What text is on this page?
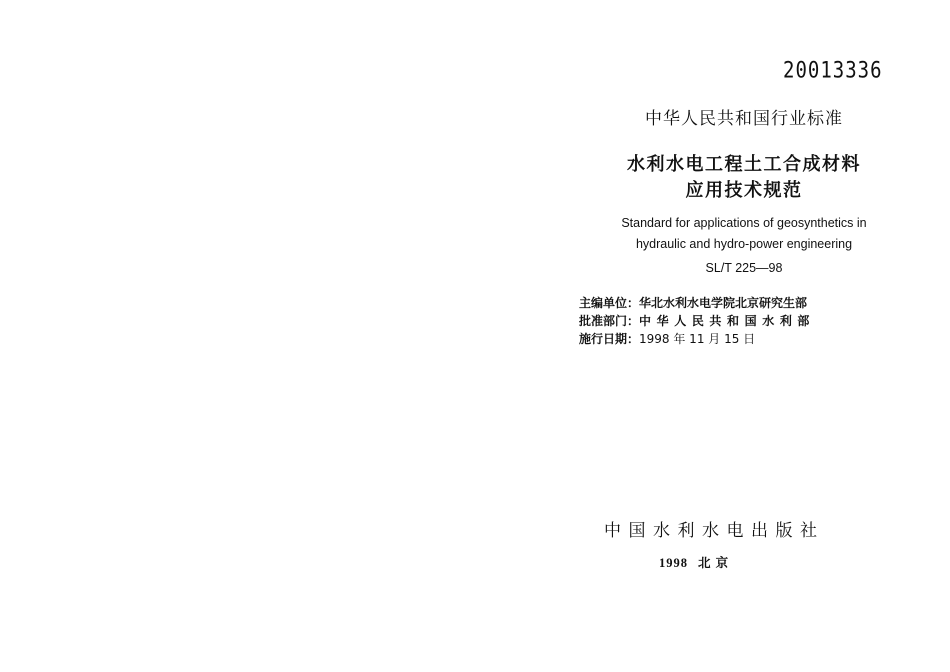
20013336
中华人民共和国行业标准
水利水电工程土工合成材料
应用技术规范
Standard for applications of geosynthetics in
hydraulic and hydro-power engineering
SL/T 225—98
主编单位：华北水利水电学院北京研究生部
批准部门：中华人民共和国水利部
施行日期：1998 年 11 月 15 日
中国水利水电出版社
1998 北 京
